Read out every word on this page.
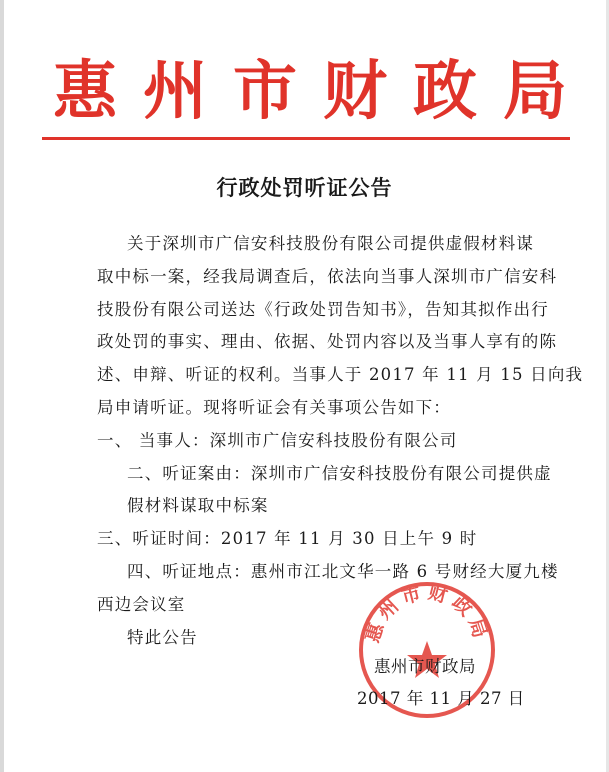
惠 州 市 财 政 局
行政处罚听证公告
关于深圳市广信安科技股份有限公司提供虚假材料谋
取中标一案，经我局调查后，依法向当事人深圳市广信安科
技股份有限公司送达《行政处罚告知书》，告知其拟作出行
政处罚的事实、理由、依据、处罚内容以及当事人享有的陈
述、申辩、听证的权利。当事人于 2017 年 11 月 15 日向我
局申请听证。现将听证会有关事项公告如下：
一、 当事人：深圳市广信安科技股份有限公司
二、听证案由：深圳市广信安科技股份有限公司提供虚
假材料谋取中标案
三、听证时间：2017 年 11 月 30 日上午 9 时
四、听证地点：惠州市江北文华一路 6 号财经大厦九楼
西边会议室
特此公告	惠州市财政局
惠州市财政局
2017 年 11 月 27 日
